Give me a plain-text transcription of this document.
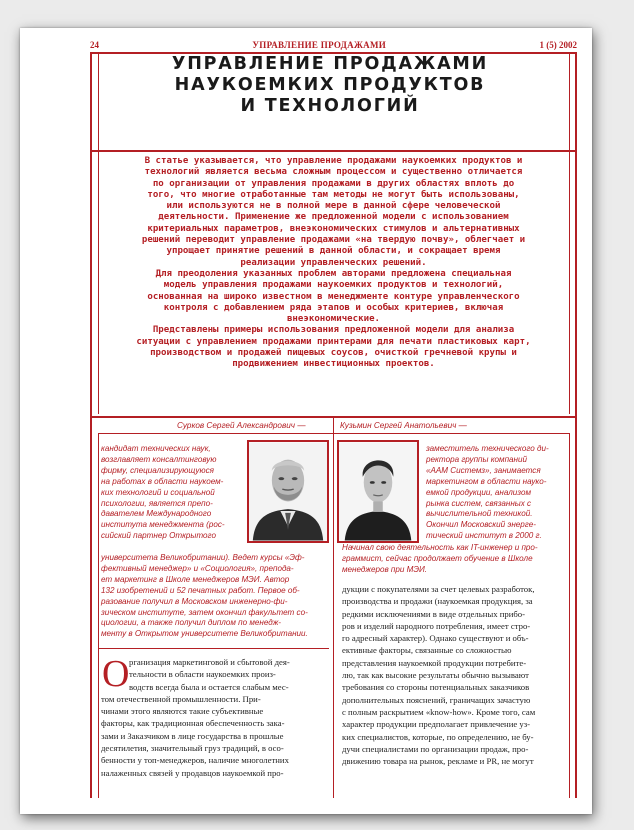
24	УПРАВЛЕНИЕ ПРОДАЖАМИ	1 (5) 2002
УПРАВЛЕНИЕ ПРОДАЖАМИ
НАУКОЕМКИХ ПРОДУКТОВ
И ТЕХНОЛОГИЙ
В статье указывается, что управление продажами наукоемких продуктов и
технологий является весьма сложным процессом и существенно отличается
по организации от управления продажами в других областях вплоть до
того, что многие отработанные там методы не могут быть использованы,
или используются не в полной мере в данной сфере человеческой
деятельности. Применение же предложенной модели с использованием
критериальных параметров, внеэкономических стимулов и альтернативных
решений переводит управление продажами «на твердую почву», облегчает и
упрощает принятие решений в данной области, и сокращает время
реализации управленческих решений.
Для преодоления указанных проблем авторами предложена специальная
модель управления продажами наукоемких продуктов и технологий,
основанная на широко известном в менеджменте контуре управленческого
контроля с добавлением ряда этапов и особых критериев, включая
внеэкономические.
Представлены примеры использования предложенной модели для анализа
ситуации с управлением продажами принтерами для печати пластиковых карт,
производством и продажей пищевых соусов, очисткой гречневой крупы и
продвижением инвестиционных проектов.
Сурков Сергей Александрович —	Кузьмин Сергей Анатольевич —
кандидат технических наук,
возглавляет консалтинговую
фирму, специализирующуюся
на работах в области наукоем-
ких технологий и социальной
психологии, является препо-
давателем Международного
института менеджмента (рос-
сийский партнер Открытого
университета Великобритании). Ведет курсы «Эф-
фективный менеджер» и «Социология», препода-
ет маркетинг в Школе менеджеров МЭИ. Автор
132 изобретений и 52 печатных работ. Первое об-
разование получил в Московском инженерно-фи-
зическом институте, затем окончил факультет со-
циологии, а также получил диплом по менедж-
менту в Открытом университете Великобритании.
заместитель технического ди-
ректора группы компаний
«ААМ Системз», занимается
маркетингом в области науко-
емкой продукции, анализом
рынка систем, связанных с
вычислительной техникой.
Окончил Московский энерге-
тический институт в 2000 г.
Начинал свою деятельность как IT-инженер и про-
граммист, сейчас продолжает обучение в Школе
менеджеров при МЭИ.
О рганизация маркетинговой и сбытовой дея-
тельности в области наукоемких произ-
водств всегда была и остается слабым мес-
том отечественной промышленности. При-
чинами этого являются такие субъективные
факторы, как традиционная обеспеченность зака-
зами и Заказчиком в лице государства в прошлые
десятилетия, значительный груз традиций, в осо-
бенности у топ-менеджеров, наличие многолетних
налаженных связей у продавцов наукоемкой про-
дукции с покупателями за счет целевых разработок,
производства и продажи (наукоемкая продукция, за
редкими исключениями в виде отдельных прибо-
ров и изделий народного потребления, имеет стро-
го адресный характер). Однако существуют и объ-
ективные факторы, связанные со сложностью
представления наукоемкой продукции потребите-
лю, так как высокие результаты обычно вызывают
требования со стороны потенциальных заказчиков
дополнительных пояснений, граничащих зачастую
с полным раскрытием «know-how». Кроме того, сам
характер продукции предполагает привлечение уз-
ких специалистов, которые, по определению, не бу-
дучи специалистами по организации продаж, про-
движению товара на рынок, рекламе и PR, не могут
